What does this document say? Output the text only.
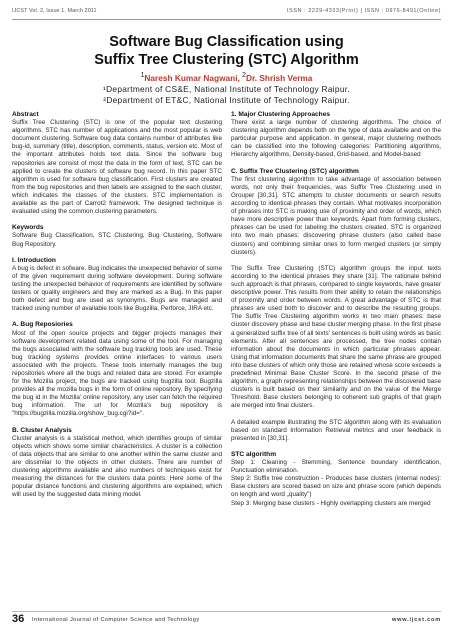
IJCST Vol. 2, Issue 1, March 2011	ISSN : 2229-4333(Print) | ISSN : 0976-8491(Online)
Software Bug Classification using
Suffix Tree Clustering (STC) Algorithm
$^1$Naresh Kumar Nagwani, $^2$Dr. Shrish Verma
¹Department of CS&E, National Institute of Technology Raipur.
²Department of ET&C, National Institute of Technology Raipur.
Abstract

Suffix Tree Clustering (STC) is one of the popular text clustering algorithms. STC has number of applications and the most popular is web document clustering. Software bug data contains number of attributes like bug-id, summary (title), description, comments, status, version etc. Most of the important attributes holds text data. Since the software bug repositories are consist of most the data in the form of text, STC can be applied to create the clusters of software bug record. In this paper STC algorithm is used for software bug classification. First clusters are created from the bug repositories and then labels are assigned to the each cluster, which indicates the classes of the clusters. STC implementation is available as the part of Carrot2 framework. The designed technique is evaluated using the common clustering parameters.

Keywords

Software Bug Classification, STC Clustering, Bug Clustering, Software Bug Repository.

I. Introduction

A bug is defect in sofware. Bug indicates the unexpected behavior of some of the given requirement during software development. During software testing the unexpected behavior of requirements are identified by software testers or quality engineers and they are marked as a Bug. In this paper both defect and bug are used as synonyms. Bugs are managed and tracked using number of available tools like Bugzilla, Perforce, JIRA etc.

A. Bug Reposiories

Most of the open source projects and bigger projects manages their software development related data using some of the tool. For managing the bugs associated with the software bug tracking tools are used. These bug tracking systems provides online interfaces to various users associated with the projects. These tools internally manages the bug repositories where all the bugs and related data are stored. For example for the Mozilla project, the bugs are tracked using bugzilla tool. Bugzilla provides all the mozilla bugs in the form of online repository. By specifying the bug id in the Mozilla' online repository, any user can fetch the required bug information. The url for Mozilla's bug repository is "https://bugzilla.mozilla.org/show_bug.cgi?id=".

B. Cluster Analysis

Cluster analysis is a statistical method, which identifies groups of similar objects which shows some similar characteristics. A cluster is a collection of data objects that are similar to one another within the same cluster and are dissimilar to the objects in other clusters. There are number of clustering algorithms available and also numbers of techniques exist for measuring the distances for the clusters data points. Here some of the popular distance functions and clustering algorithms are explained, which will used by the suggested data mining model.

1. Major Clustering Approaches

There exist a large number of clustering algorithms. The choice of clustering algorithm depends both on the type of data available and on the particular purpose and application. In general, major clustering methods can be classified into the following categories: Partitioning algorithms, Hierarchy algorithms, Density-based, Grid-based, and Model-based

C. Suffix Tree Clustering (STC) algorithm

The first clustering algorithm to take advantage of association between words, not only their frequencies, was Suffix Tree Clustering used in Grouper [30,31]. STC attempts to cluster documents or search results according to identical phrases they contain. What motivates incorporation of phrases into STC is making use of proximity and order of words, which have more descriptive power than keywords. Apart from forming clusters, phrases can be used for labeling the clusters created. STC is organized into two main phases: discovering phrase clusters (also called base clusters) and combining similar ones to form merged clusters (or simply clusters).

The Suffix Tree Clustering (STC) algorithm groups the input texts according to the identical phrases they share [31]. The rationale behind such approach is that phrases, compared to single keywords, have greater descriptive power. This results from their ability to retain the relationships of proximity and order between words. A great advantage of STC is that phrases are used both to discover and to describe the resulting groups. The Suffix Tree Clustering algorithm works in two main phases: base cluster discovery phase and base cluster merging phase. In the first phase a generalized suffix tree of all texts' sentences is built using words as basic elements. After all sentences are processed, the tree nodes contain information about the documents in which particular phrases appear. Using that information documents that share the same phrase are grouped into base clusters of which only those are retained whose score exceeds a predefined Minimal Base Cluster Score. In the second phase of the algorithm, a graph representing relationships between the discovered base clusters is built based on their similarity and on the value of the Merge Threshold. Base clusters belonging to coherent sub graphs of that graph are merged into final clusters.

A detailed example illustrating the STC algorithm along with its evaluation based on standard Information Retrieval metrics and user feedback is presented in [30,31].

STC algorithm

Step 1: Cleaning - Stemming, Sentence boundary identification, Punctuation elimination.

Step 2: Suffix tree construction - Produces base clusters (internal nodes): Base clusters are scored based on size and phrase score (which depends on length and word „quality")

Step 3: Merging base clusters - Highly overlapping clusters are merged

36 International Journal of Computer Science and Technology	www.ijcst.com
